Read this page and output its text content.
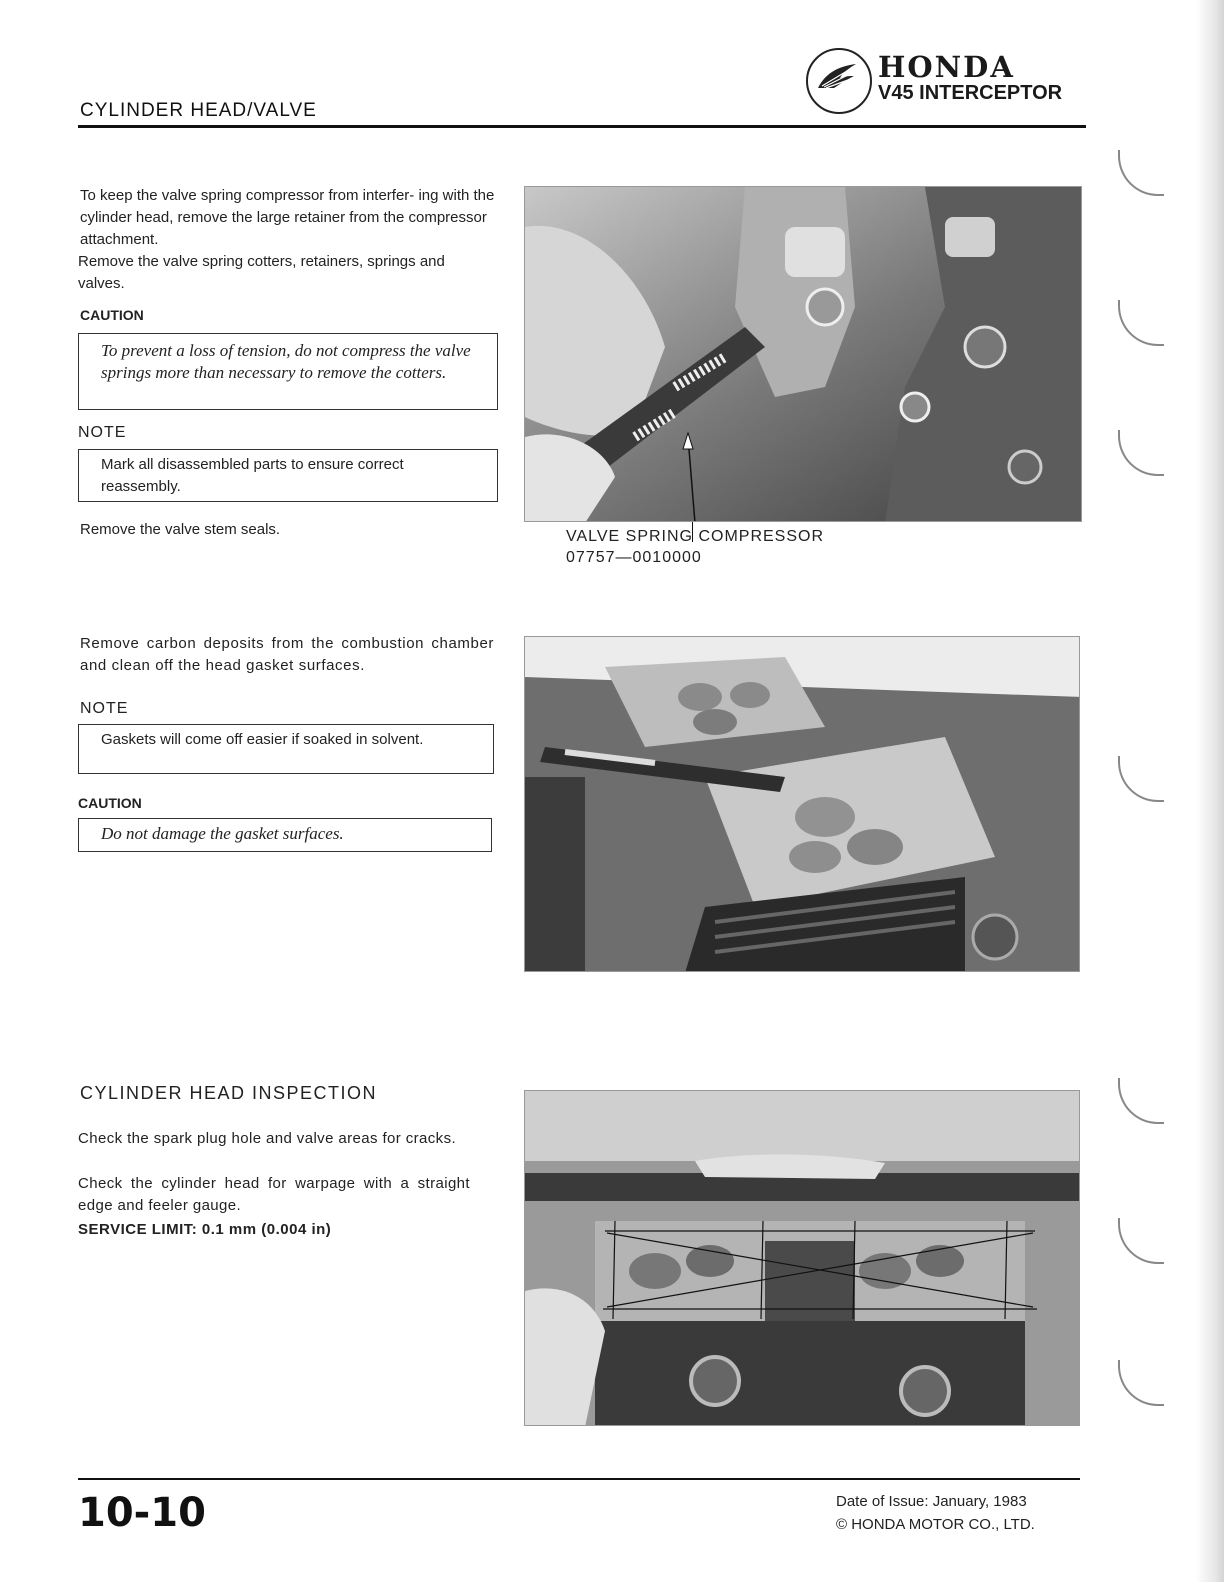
CYLINDER HEAD/VALVE
HONDA
V45 INTERCEPTOR
To keep the valve spring compressor from interfer- ing with the cylinder head, remove the large retainer from the compressor attachment.
Remove the valve spring cotters, retainers, springs and valves.
CAUTION
To prevent a loss of tension, do not compress the valve springs more than necessary to remove the cotters.
NOTE
Mark all disassembled parts to ensure correct reassembly.
Remove the valve stem seals.	VALVE SPRING COMPRESSOR
07757—0010000
Remove carbon deposits from the combustion chamber and clean off the head gasket surfaces.
NOTE
Gaskets will come off easier if soaked in solvent.
CAUTION
Do not damage the gasket surfaces.
CYLINDER HEAD INSPECTION
Check the spark plug hole and valve areas for cracks.
Check the cylinder head for warpage with a straight edge and feeler gauge.
SERVICE LIMIT: 0.1 mm (0.004 in)
10-10	Date of Issue: January, 1983
© HONDA MOTOR CO., LTD.
